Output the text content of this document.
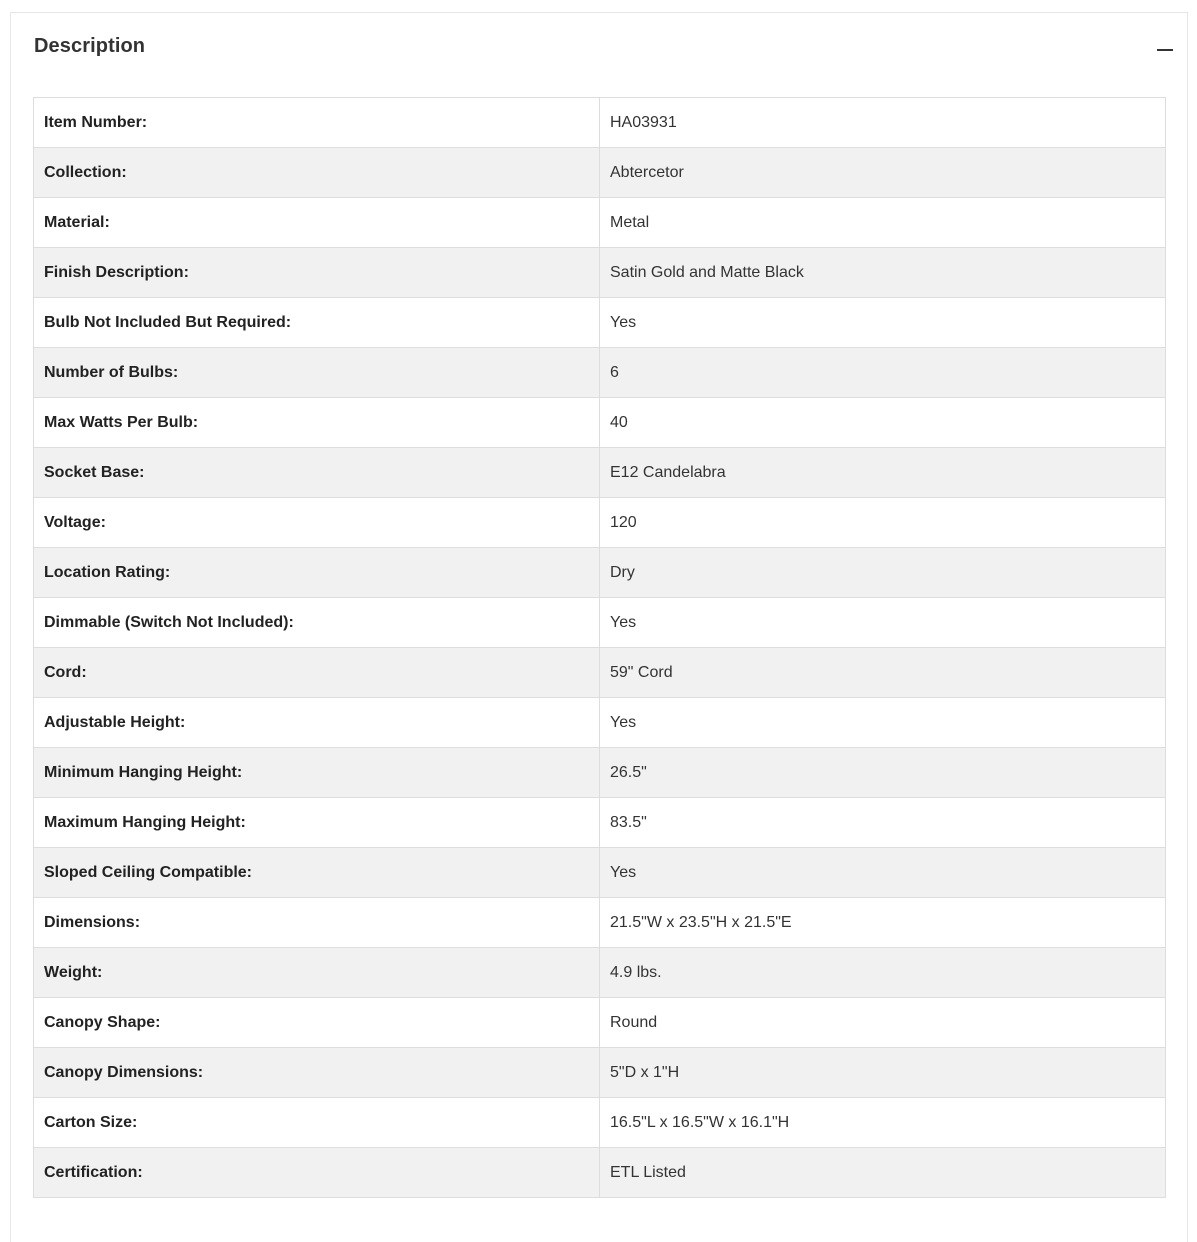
Description
Item Number:	HA03931
Collection:	Abtercetor
Material:	Metal
Finish Description:	Satin Gold and Matte Black
Bulb Not Included But Required:	Yes
Number of Bulbs:	6
Max Watts Per Bulb:	40
Socket Base:	E12 Candelabra
Voltage:	120
Location Rating:	Dry
Dimmable (Switch Not Included):	Yes
Cord:	59" Cord
Adjustable Height:	Yes
Minimum Hanging Height:	26.5"
Maximum Hanging Height:	83.5"
Sloped Ceiling Compatible:	Yes
Dimensions:	21.5"W x 23.5"H x 21.5"E
Weight:	4.9 lbs.
Canopy Shape:	Round
Canopy Dimensions:	5"D x 1"H
Carton Size:	16.5"L x 16.5"W x 16.1"H
Certification:	ETL Listed
